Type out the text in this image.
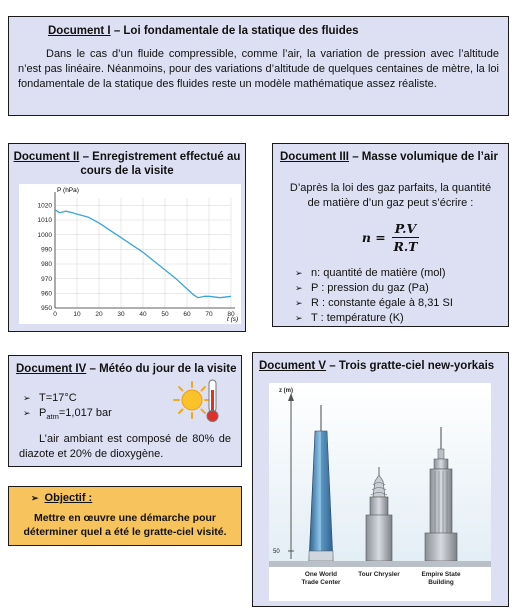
Document I – Loi fondamentale de la statique des fluides

Dans le cas d’un fluide compressible, comme l’air, la variation de pression avec l’altitude n’est pas linéaire. Néanmoins, pour des variations d’altitude de quelques centaines de mètre, la loi fondamentale de la statique des fluides reste un modèle mathématique assez réaliste.

Document II – Enregistrement effectué au cours de la visite
0	10 20 30 40 50 60 70 80
950
960
970
980
990
1000
1010
1020
P (hPa)
t (s)
Document III – Masse volumique de l’air

D’après la loi des gaz parfaits, la quantité de matière d’un gaz peut s’écrire :

$n = \frac{P.V}{R.T}$
➢ n: quantité de matière (mol)
➢ P : pression du gaz (Pa)
➢ R : constante égale à 8,31 SI
➢ T : température (K)
Document IV – Météo du jour de la visite
➢ T=17°C
➢ $P_{atm}=1,017$ bar

L’air ambiant est composé de 80% de diazote et 20% de dioxygène.

➢ Objectif :

Mettre en œuvre une démarche pour déterminer quel a été le gratte-ciel visité.

Document V – Trois gratte-ciel new-yorkais
z (m)
50
One World Trade Center
Tour Chrysler	Empire State Building
